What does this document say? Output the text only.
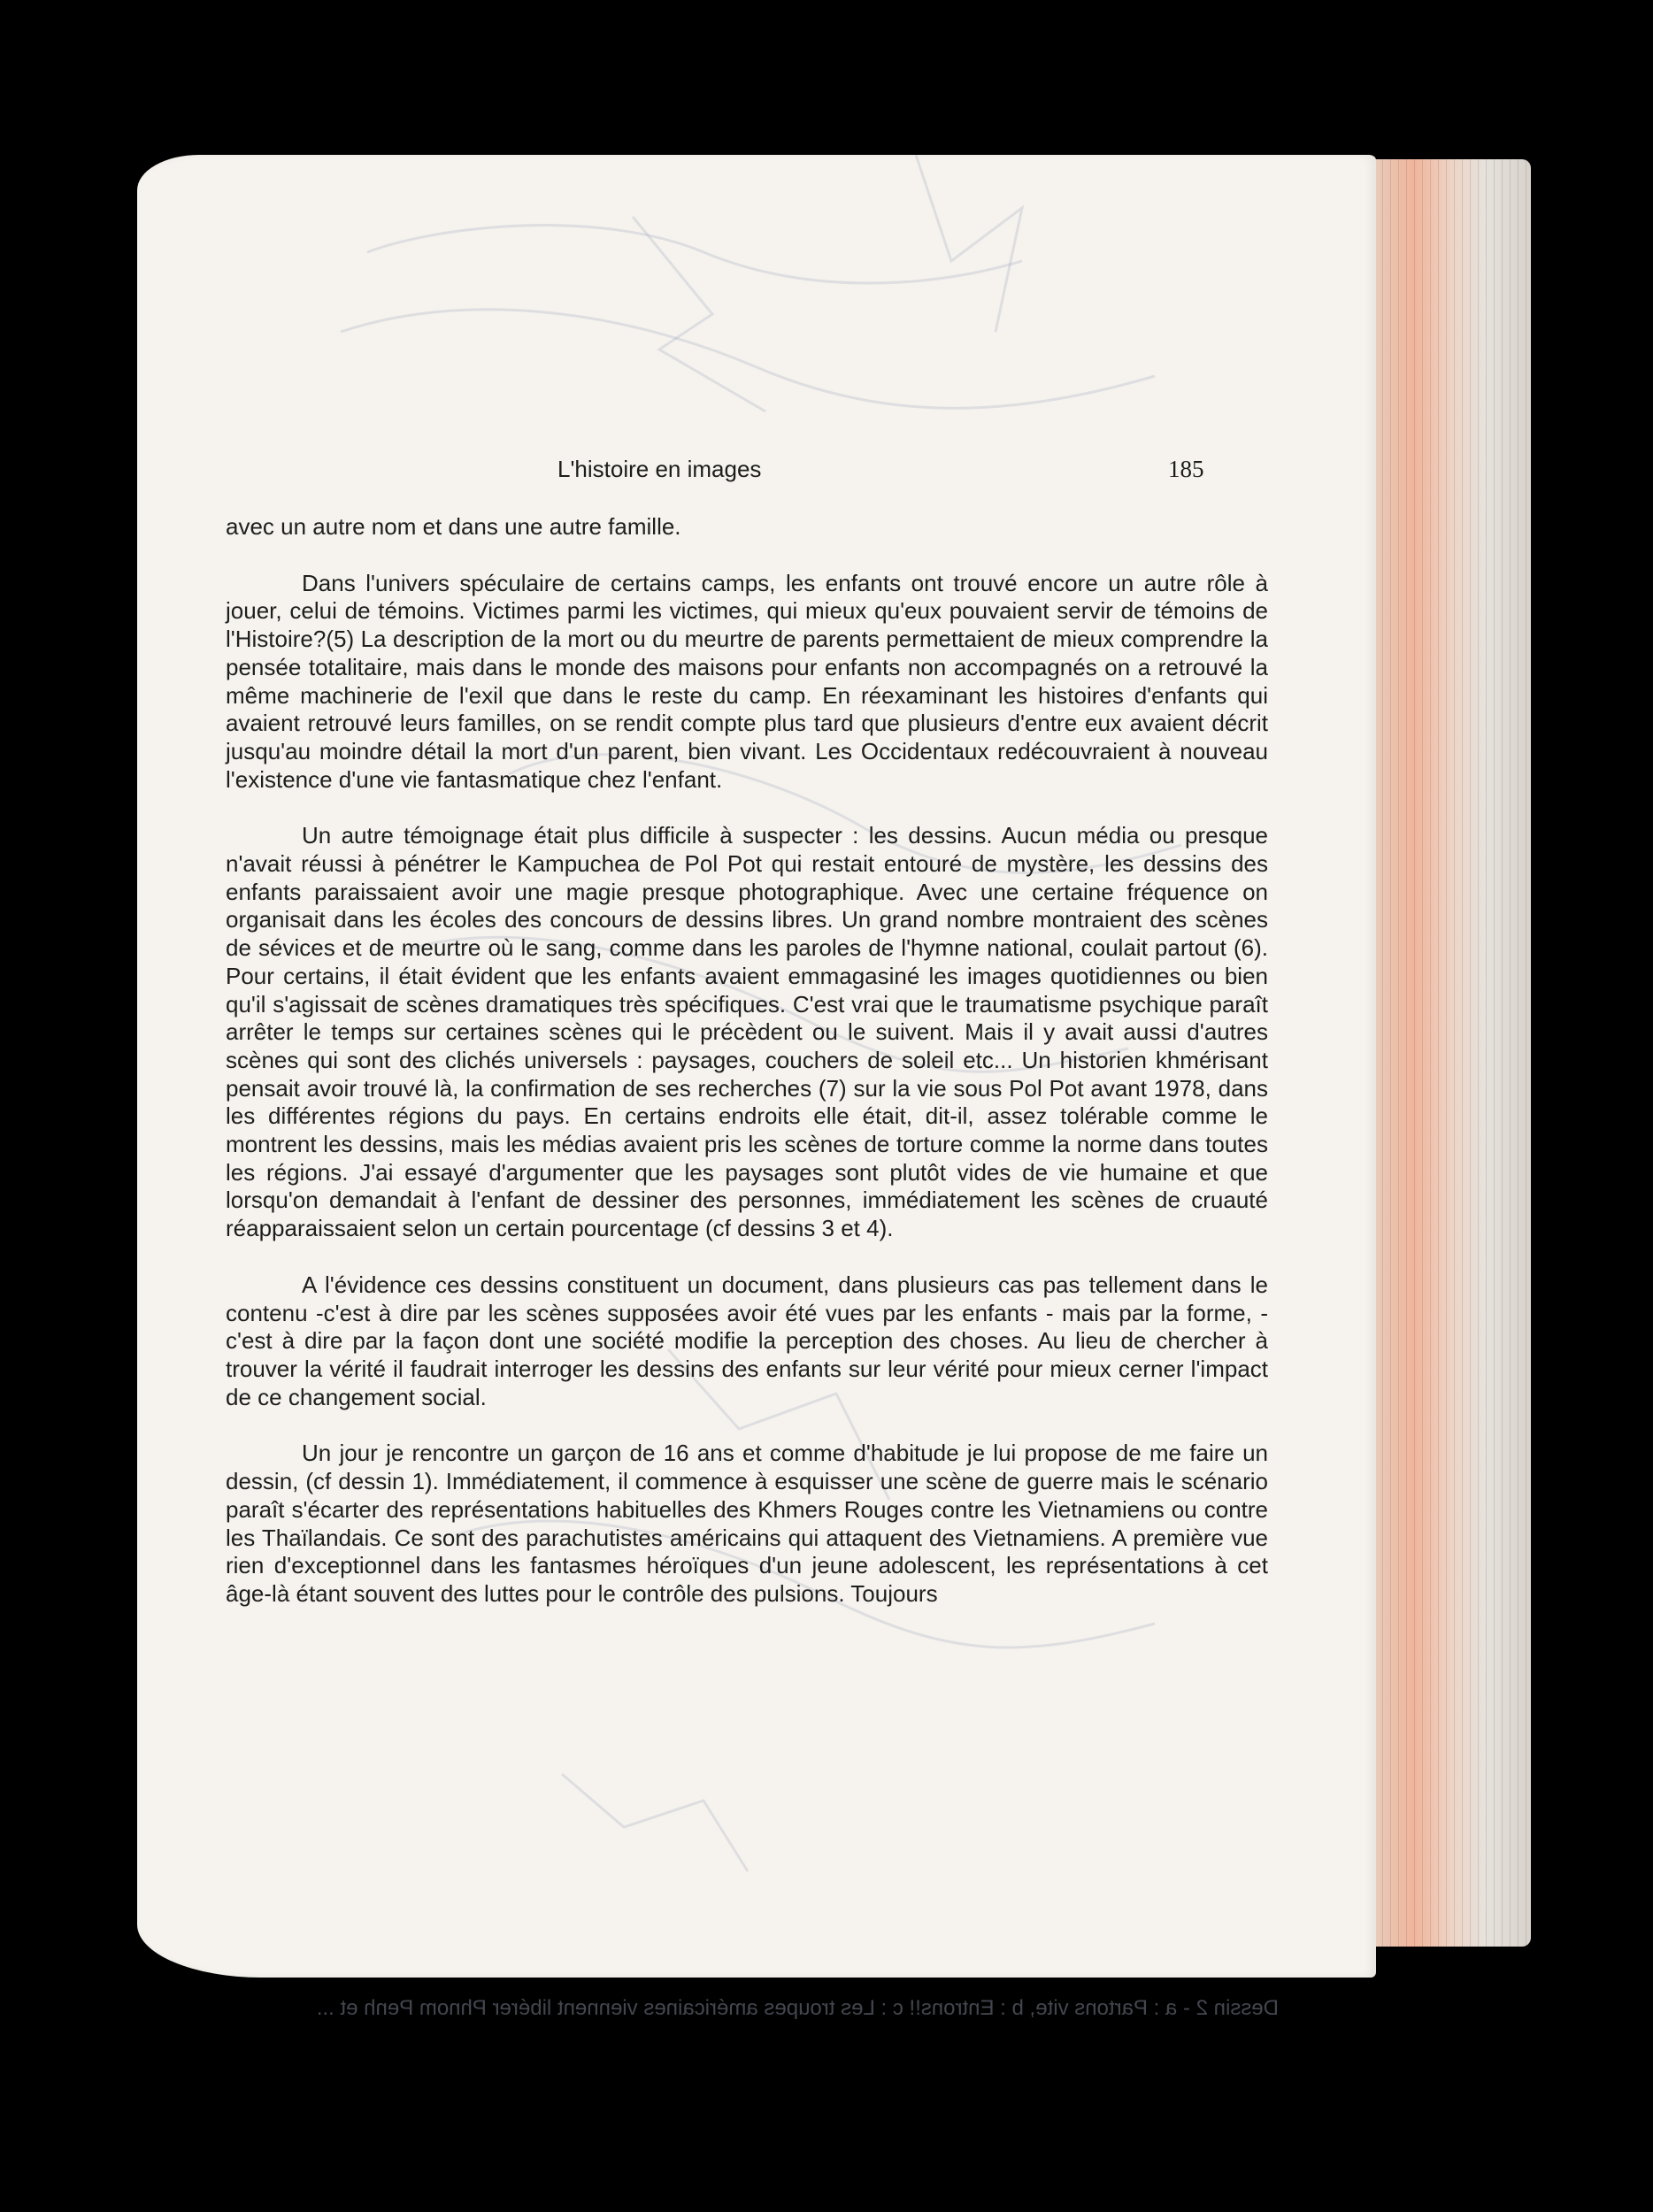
L'histoire en images	185

avec un autre nom et dans une autre famille.

Dans l'univers spéculaire de certains camps, les enfants ont trouvé encore un autre rôle à jouer, celui de témoins. Victimes parmi les victimes, qui mieux qu'eux pouvaient servir de témoins de l'Histoire?(5) La description de la mort ou du meurtre de parents permettaient de mieux comprendre la pensée totalitaire, mais dans le monde des maisons pour enfants non accompagnés on a retrouvé la même machinerie de l'exil que dans le reste du camp. En réexaminant les histoires d'enfants qui avaient retrouvé leurs familles, on se rendit compte plus tard que plusieurs d'entre eux avaient décrit jusqu'au moindre détail la mort d'un parent, bien vivant. Les Occidentaux redécouvraient à nouveau l'existence d'une vie fantasmatique chez l'enfant.

Un autre témoignage était plus difficile à suspecter : les dessins. Aucun média ou presque n'avait réussi à pénétrer le Kampuchea de Pol Pot qui restait entouré de mystère, les dessins des enfants paraissaient avoir une magie presque photographique. Avec une certaine fréquence on organisait dans les écoles des concours de dessins libres. Un grand nombre montraient des scènes de sévices et de meurtre où le sang, comme dans les paroles de l'hymne national, coulait partout (6). Pour certains, il était évident que les enfants avaient emmagasiné les images quotidiennes ou bien qu'il s'agissait de scènes dramatiques très spécifiques. C'est vrai que le traumatisme psychique paraît arrêter le temps sur certaines scènes qui le précèdent ou le suivent. Mais il y avait aussi d'autres scènes qui sont des clichés universels : paysages, couchers de soleil etc... Un historien khmérisant pensait avoir trouvé là, la confirmation de ses recherches (7) sur la vie sous Pol Pot avant 1978, dans les différentes régions du pays. En certains endroits elle était, dit-il, assez tolérable comme le montrent les dessins, mais les médias avaient pris les scènes de torture comme la norme dans toutes les régions. J'ai essayé d'argumenter que les paysages sont plutôt vides de vie humaine et que lorsqu'on demandait à l'enfant de dessiner des personnes, immédiatement les scènes de cruauté réapparaissaient selon un certain pourcentage (cf dessins 3 et 4).

A l'évidence ces dessins constituent un document, dans plusieurs cas pas tellement dans le contenu -c'est à dire par les scènes supposées avoir été vues par les enfants - mais par la forme, -c'est à dire par la façon dont une société modifie la perception des choses. Au lieu de chercher à trouver la vérité il faudrait interroger les dessins des enfants sur leur vérité pour mieux cerner l'impact de ce changement social.

Un jour je rencontre un garçon de 16 ans et comme d'habitude je lui propose de me faire un dessin, (cf dessin 1). Immédiatement, il commence à esquisser une scène de guerre mais le scénario paraît s'écarter des représentations habituelles des Khmers Rouges contre les Vietnamiens ou contre les Thaïlandais. Ce sont des parachutistes américains qui attaquent des Vietnamiens. A première vue rien d'exceptionnel dans les fantasmes héroïques d'un jeune adolescent, les représentations à cet âge-là étant souvent des luttes pour le contrôle des pulsions. Toujours

Dessin 2 - a : Partons vite, b : Entrons!! c : Les troupes américaines viennent libérer Phnom Penh et ...
